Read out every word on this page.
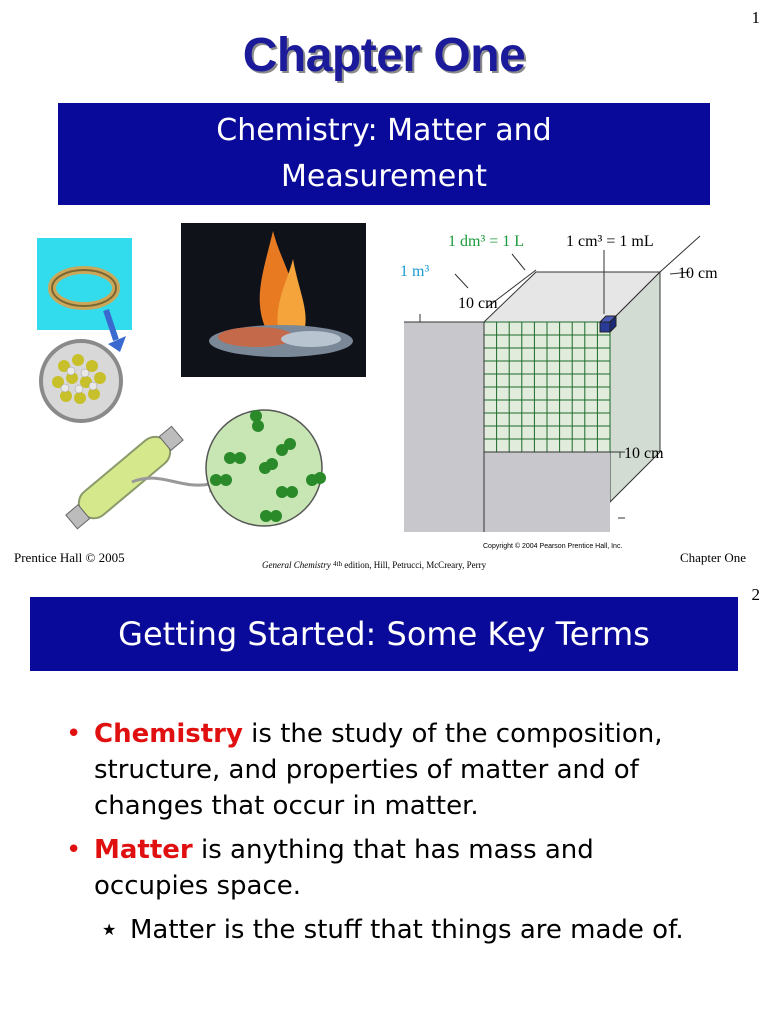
1
Chapter One
Chemistry: Matter and
Measurement
1 dm³ = 1 L	1 cm³ = 1 mL
1 m³
10 cm
10 cm
10 cm
Copyright © 2004 Pearson Prentice Hall, Inc.
Prentice Hall © 2005	General Chemistry $^{4th}$ edition, Hill, Petrucci, McCreary, Perry	Chapter One
2
Getting Started: Some Key Terms
• Chemistry is the study of the composition, structure, and properties of matter and of changes that occur in matter.
• Matter is anything that has mass and occupies space.
★ Matter is the stuff that things are made of.
